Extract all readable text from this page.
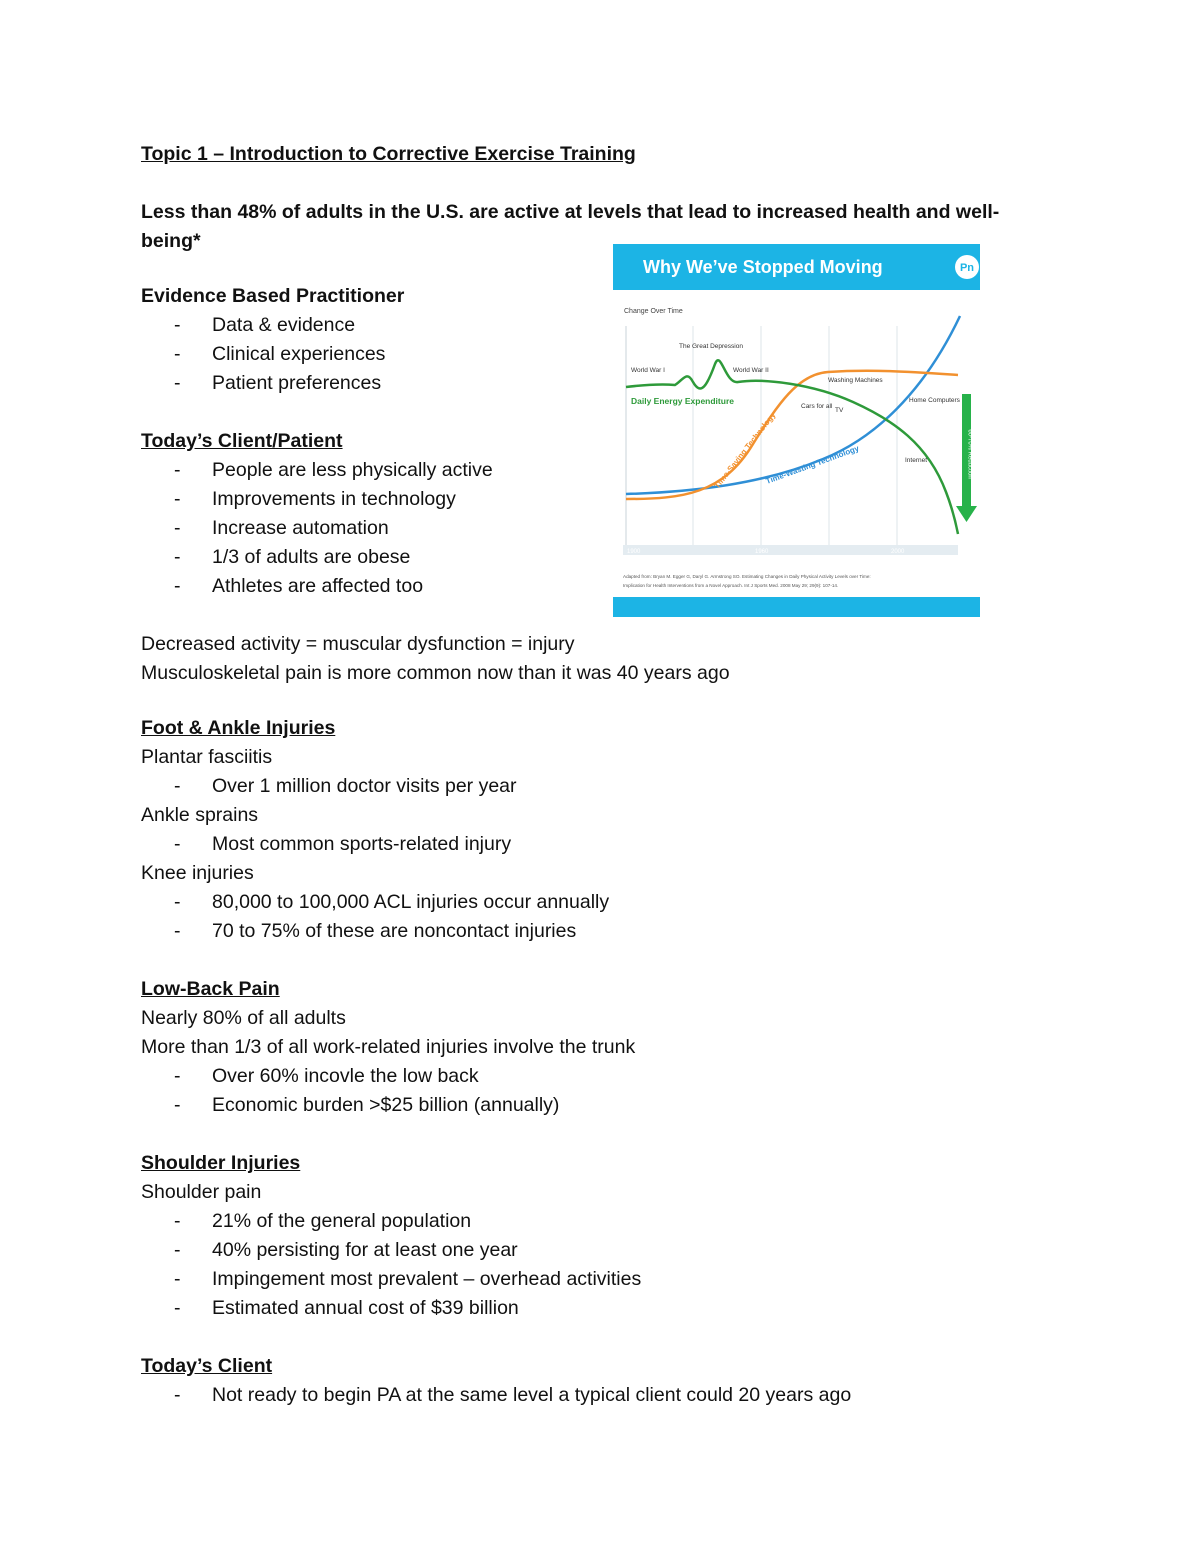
Topic 1 – Introduction to Corrective Exercise Training
Less than 48% of adults in the U.S. are active at levels that lead to increased health and well-being*
Evidence Based Practitioner
- Data & evidence
- Clinical experiences
- Patient preferences
Today’s Client/Patient
- People are less physically active
- Improvements in technology
- Increase automation
- 1/3 of adults are obese
- Athletes are affected too
Decreased activity = muscular dysfunction = injury
Musculoskeletal pain is more common now than it was 40 years ago
Foot & Ankle Injuries
Plantar fasciitis
- Over 1 million doctor visits per year
Ankle sprains
- Most common sports-related injury
Knee injuries
- 80,000 to 100,000 ACL injuries occur annually
- 70 to 75% of these are noncontact injuries
Low-Back Pain
Nearly 80% of all adults
More than 1/3 of all work-related injuries involve the trunk
- Over 60% incovle the low back
- Economic burden >$25 billion (annually)
Shoulder Injuries
Shoulder pain
- 21% of the general population
- 40% persisting for at least one year
- Impingement most prevalent – overhead activities
- Estimated annual cost of $39 billion
Today’s Client
- Not ready to begin PA at the same level a typical client could 20 years ago
Why We’ve Stopped Moving	Pn
Change Over Time
60-70% Reduction
World War I
The Great Depression
World War II
Washing Machines
Cars for all
TV
Home Computers
Internet
Daily Energy Expenditure
Time-Saving Technology
Time-Wasting Technology
1900	1960	2000
Adapted from: Bryan M. Egger G, Daryl G. Armstrong SO. Estimating Changes in Daily Physical Activity Levels over Time:
Implication for Health Interventions from a Novel Approach. Int J Sports Med. 2008 May 29; 29(9): 107-14.
